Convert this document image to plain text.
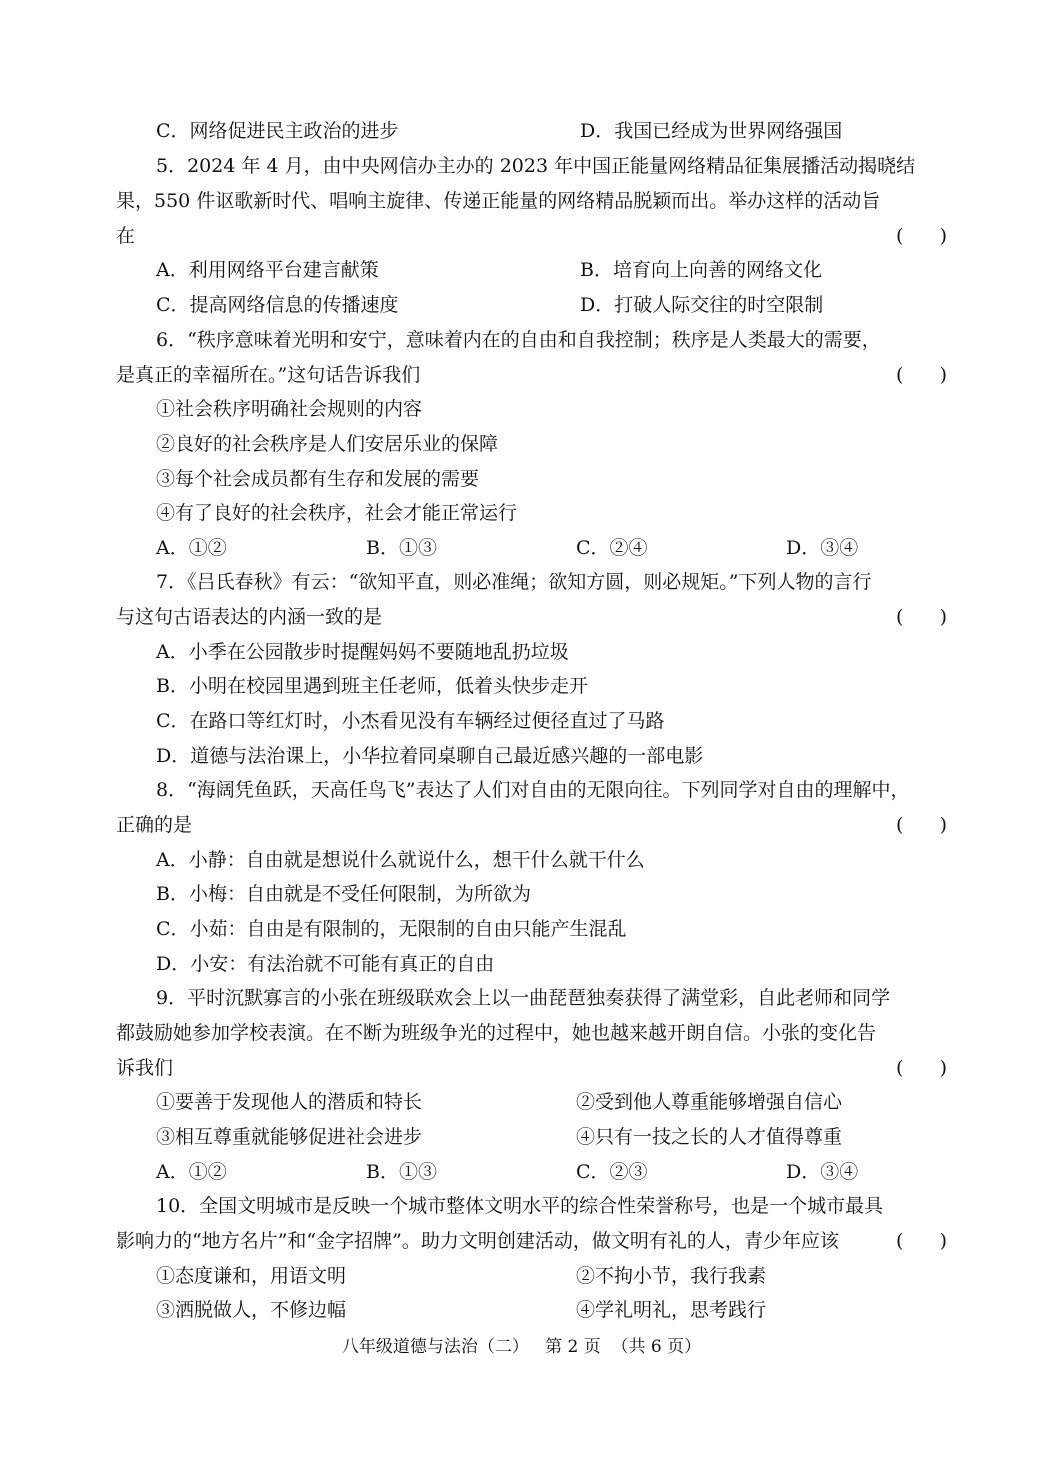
C．网络促进民主政治的进步	D．我国已经成为世界网络强国
5．2024 年 4 月，由中央网信办主办的 2023 年中国正能量网络精品征集展播活动揭晓结
果，550 件讴歌新时代、唱响主旋律、传递正能量的网络精品脱颖而出。举办这样的活动旨
在	(      )
A．利用网络平台建言献策	B．培育向上向善的网络文化
C．提高网络信息的传播速度	D．打破人际交往的时空限制
6．“秩序意味着光明和安宁，意味着内在的自由和自我控制；秩序是人类最大的需要，
是真正的幸福所在。”这句话告诉我们	(      )
①社会秩序明确社会规则的内容
②良好的社会秩序是人们安居乐业的保障
③每个社会成员都有生存和发展的需要
④有了良好的社会秩序，社会才能正常运行
A．①②	B．①③	C．②④	D．③④
7．《吕氏春秋》有云：“欲知平直，则必准绳；欲知方圆，则必规矩。”下列人物的言行
与这句古语表达的内涵一致的是	(      )
A．小季在公园散步时提醒妈妈不要随地乱扔垃圾
B．小明在校园里遇到班主任老师，低着头快步走开
C．在路口等红灯时，小杰看见没有车辆经过便径直过了马路
D．道德与法治课上，小华拉着同桌聊自己最近感兴趣的一部电影
8．“海阔凭鱼跃，天高任鸟飞”表达了人们对自由的无限向往。下列同学对自由的理解中，
正确的是	(      )
A．小静：自由就是想说什么就说什么，想干什么就干什么
B．小梅：自由就是不受任何限制，为所欲为
C．小茹：自由是有限制的，无限制的自由只能产生混乱
D．小安：有法治就不可能有真正的自由
9．平时沉默寡言的小张在班级联欢会上以一曲琵琶独奏获得了满堂彩，自此老师和同学
都鼓励她参加学校表演。在不断为班级争光的过程中，她也越来越开朗自信。小张的变化告
诉我们	(      )
①要善于发现他人的潜质和特长	②受到他人尊重能够增强自信心
③相互尊重就能够促进社会进步	④只有一技之长的人才值得尊重
A．①②	B．①③	C．②③	D．③④
10．全国文明城市是反映一个城市整体文明水平的综合性荣誉称号，也是一个城市最具
影响力的“地方名片”和“金字招牌”。助力文明创建活动，做文明有礼的人，青少年应该	(      )
①态度谦和，用语文明	②不拘小节，我行我素
③洒脱做人，不修边幅	④学礼明礼，思考践行
八年级道德与法治（二）   第 2 页  （共 6 页）
